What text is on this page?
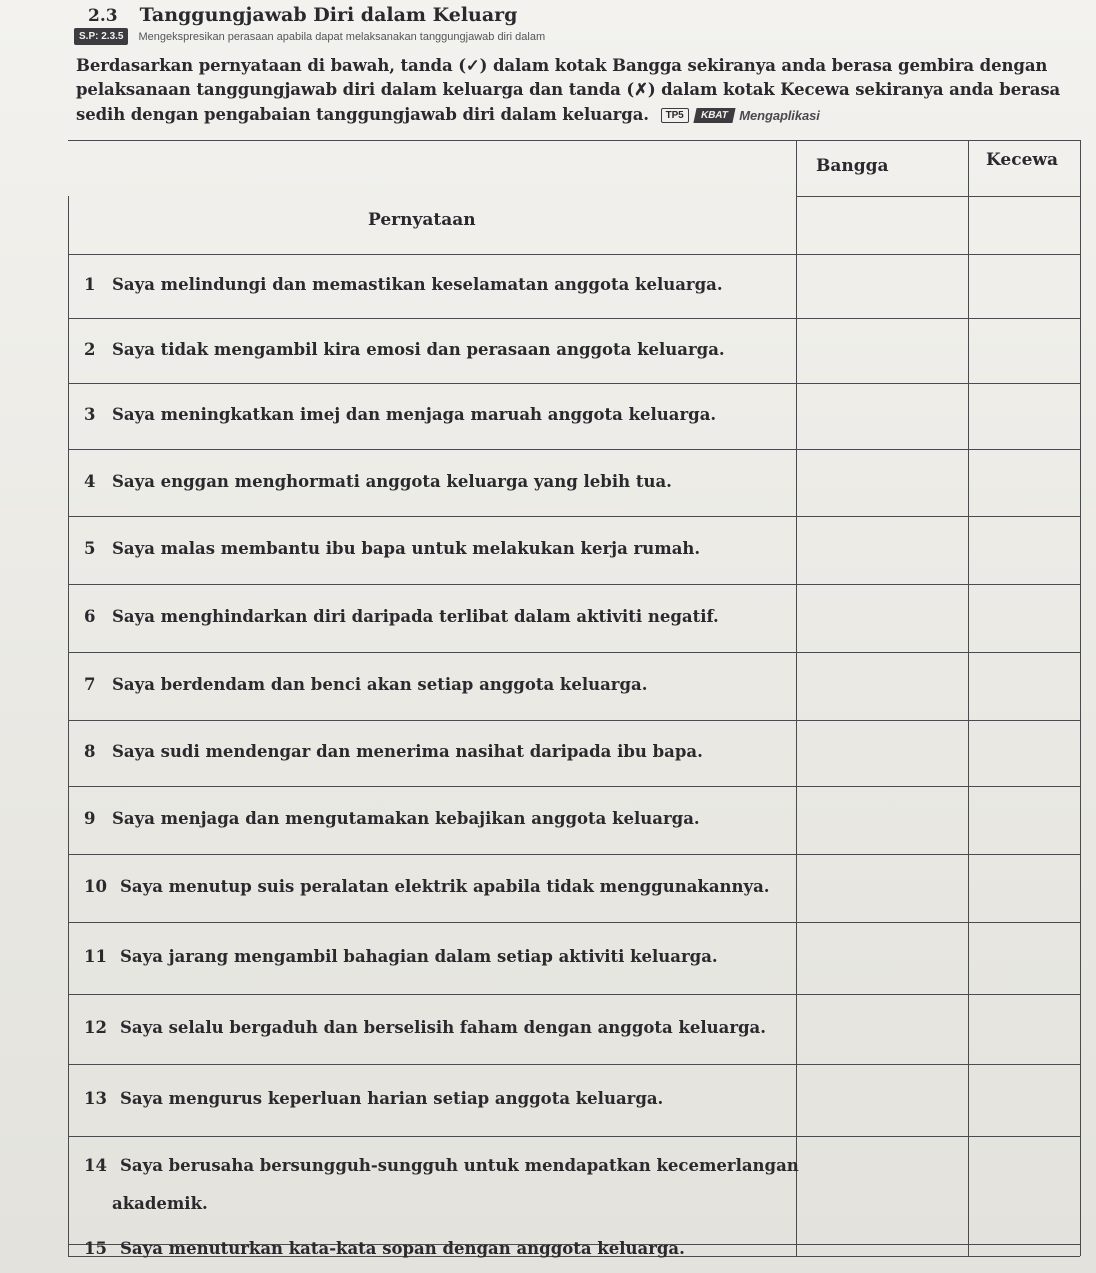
2.3 Tanggungjawab Diri dalam Keluarg
S.P: 2.3.5	Mengekspresikan perasaan apabila dapat melaksanakan tanggungjawab diri dalam
Berdasarkan pernyataan di bawah, tanda (✓) dalam kotak Bangga sekiranya anda berasa gembira dengan
pelaksanaan tanggungjawab diri dalam keluarga dan tanda (✗) dalam kotak Kecewa sekiranya anda berasa
sedih dengan pengabaian tanggungjawab diri dalam keluarga.	TP5	KBAT Mengaplikasi
Bangga	Kecewa
Pernyataan
1 Saya melindungi dan memastikan keselamatan anggota keluarga.
2 Saya tidak mengambil kira emosi dan perasaan anggota keluarga.
3 Saya meningkatkan imej dan menjaga maruah anggota keluarga.
4 Saya enggan menghormati anggota keluarga yang lebih tua.
5 Saya malas membantu ibu bapa untuk melakukan kerja rumah.
6 Saya menghindarkan diri daripada terlibat dalam aktiviti negatif.
7 Saya berdendam dan benci akan setiap anggota keluarga.
8 Saya sudi mendengar dan menerima nasihat daripada ibu bapa.
9 Saya menjaga dan mengutamakan kebajikan anggota keluarga.
10 Saya menutup suis peralatan elektrik apabila tidak menggunakannya.
11 Saya jarang mengambil bahagian dalam setiap aktiviti keluarga.
12 Saya selalu bergaduh dan berselisih faham dengan anggota keluarga.
13 Saya mengurus keperluan harian setiap anggota keluarga.
14 Saya berusaha bersungguh-sungguh untuk mendapatkan kecemerlangan
akademik.
15 Saya menuturkan kata-kata sopan dengan anggota keluarga.
